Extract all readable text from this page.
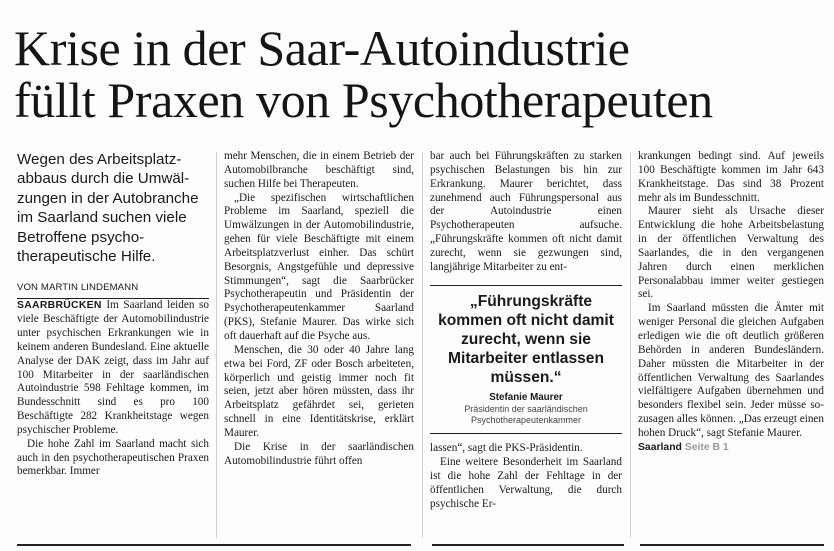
Krise in der Saar-Autoindustrie
füllt Praxen von Psychotherapeuten
Wegen des Arbeitsplatzabbaus durch die Umwälzungen in der Autobranche im Saarland suchen viele Betroffene psychotherapeutische Hilfe.
VON MARTIN LINDEMANN

SAARBRÜCKEN Im Saarland leiden so viele Beschäftigte der Automobilindustrie unter psychischen Erkrankungen wie in keinem anderen Bundesland. Eine aktuelle Analyse der DAK zeigt, dass im Jahr auf 100 Mitarbeiter in der saarländischen Autoindustrie 598 Fehltage kommen, im Bundesschnitt sind es pro 100 Beschäftigte 282 Krankheitstage wegen psychischer Probleme.

Die hohe Zahl im Saarland macht sich auch in den psychotherapeutischen Praxen bemerkbar. Immer

mehr Menschen, die in einem Betrieb der Automobilbranche beschäftigt sind, suchen Hilfe bei Therapeuten.

„Die spezifischen wirtschaftlichen Probleme im Saarland, speziell die Umwälzungen in der Automobilindustrie, gehen für viele Beschäftigte mit einem Arbeitsplatzverlust einher. Das schürt Besorgnis, Angstgefühle und depressive Stimmungen“, sagt die Saarbrücker Psychotherapeutin und Präsidentin der Psychotherapeutenkammer Saarland (PKS), Stefanie Maurer. Das wirke sich oft dauerhaft auf die Psyche aus.

Menschen, die 30 oder 40 Jahre lang etwa bei Ford, ZF oder Bosch arbeiteten, körperlich und geistig immer noch fit seien, jetzt aber hören müssten, dass ihr Arbeitsplatz gefährdet sei, gerieten schnell in eine Identitätskrise, erklärt Maurer.

Die Krise in der saarländischen Automobilindustrie führt offen

bar auch bei Führungskräften zu starken psychischen Belastungen bis hin zur Erkrankung. Maurer berichtet, dass zunehmend auch Führungspersonal aus der Autoindustrie einen Psychotherapeuten aufsuche. „Führungskräfte kommen oft nicht damit zurecht, wenn sie gezwungen sind, langjährige Mitarbeiter zu ent-

„Führungskräfte kommen oft nicht damit zurecht, wenn sie Mitarbeiter entlassen müssen.“

Stefanie Maurer
Präsidentin der saarländischen Psychotherapeutenkammer

lassen“, sagt die PKS-Präsidentin.

Eine weitere Besonderheit im Saarland ist die hohe Zahl der Fehltage in der öffentlichen Verwaltung, die durch psychische Er-

krankungen bedingt sind. Auf jeweils 100 Beschäftigte kommen im Jahr 643 Krankheitstage. Das sind 38 Prozent mehr als im Bundesschnitt.

Maurer sieht als Ursache dieser Entwicklung die hohe Arbeitsbelastung in der öffentlichen Verwaltung des Saarlandes, die in den vergangenen Jahren durch einen merklichen Personalabbau immer weiter gestiegen sei.

Im Saarland müssten die Ämter mit weniger Personal die gleichen Aufgaben erledigen wie die oft deutlich größeren Behörden in anderen Bundesländern. Daher müssten die Mitarbeiter in der öffentlichen Verwaltung des Saarlandes vielfältigere Aufgaben übernehmen und besonders flexibel sein. Jeder müsse sozusagen alles können. „Das erzeugt einen hohen Druck“, sagt Stefanie Maurer.

Saarland Seite B 1
